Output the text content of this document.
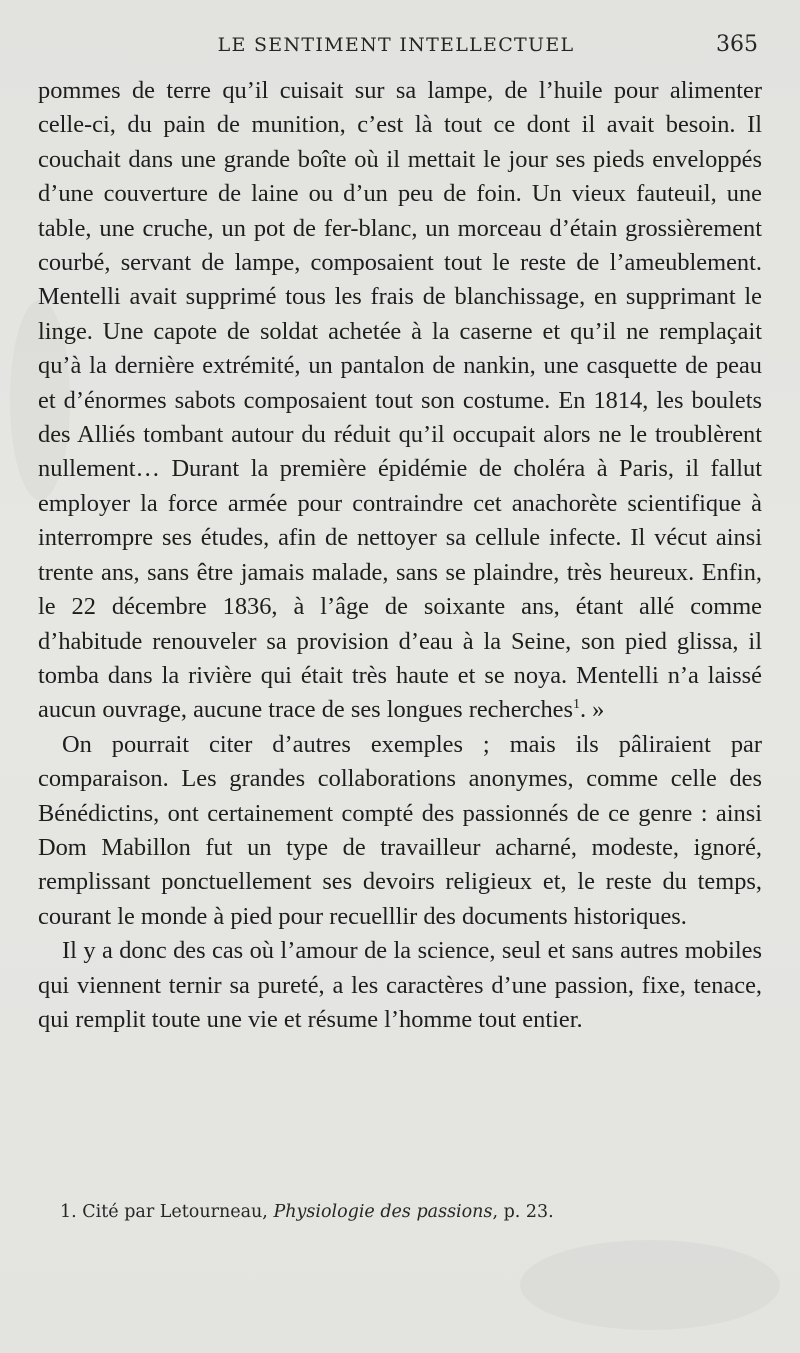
LE SENTIMENT INTELLECTUEL	365

pommes de terre qu’il cuisait sur sa lampe, de l’huile pour alimenter celle-ci, du pain de munition, c’est là tout ce dont il avait besoin. Il couchait dans une grande boîte où il mettait le jour ses pieds enveloppés d’une couverture de laine ou d’un peu de foin. Un vieux fauteuil, une table, une cruche, un pot de fer-blanc, un morceau d’étain grossièrement courbé, servant de lampe, composaient tout le reste de l’ameublement. Mentelli avait supprimé tous les frais de blanchissage, en supprimant le linge. Une capote de soldat achetée à la caserne et qu’il ne remplaçait qu’à la dernière extrémité, un pantalon de nankin, une casquette de peau et d’énormes sabots composaient tout son costume. En 1814, les boulets des Alliés tombant autour du réduit qu’il occupait alors ne le troublèrent nullement… Durant la première épidémie de choléra à Paris, il fallut employer la force armée pour contraindre cet anachorète scientifique à interrompre ses études, afin de nettoyer sa cellule infecte. Il vécut ainsi trente ans, sans être jamais malade, sans se plaindre, très heureux. Enfin, le 22 décembre 1836, à l’âge de soixante ans, étant allé comme d’habitude renouveler sa provision d’eau à la Seine, son pied glissa, il tomba dans la rivière qui était très haute et se noya. Mentelli n’a laissé aucun ouvrage, aucune trace de ses longues recherches$^1$. »

On pourrait citer d’autres exemples ; mais ils pâliraient par comparaison. Les grandes collaborations anonymes, comme celle des Bénédictins, ont certainement compté des passionnés de ce genre : ainsi Dom Mabillon fut un type de travailleur acharné, modeste, ignoré, remplissant ponctuellement ses devoirs religieux et, le reste du temps, courant le monde à pied pour recuelllir des documents historiques.

Il y a donc des cas où l’amour de la science, seul et sans autres mobiles qui viennent ternir sa pureté, a les caractères d’une passion, fixe, tenace, qui remplit toute une vie et résume l’homme tout entier.

1. Cité par Letourneau, Physiologie des passions, p. 23.
